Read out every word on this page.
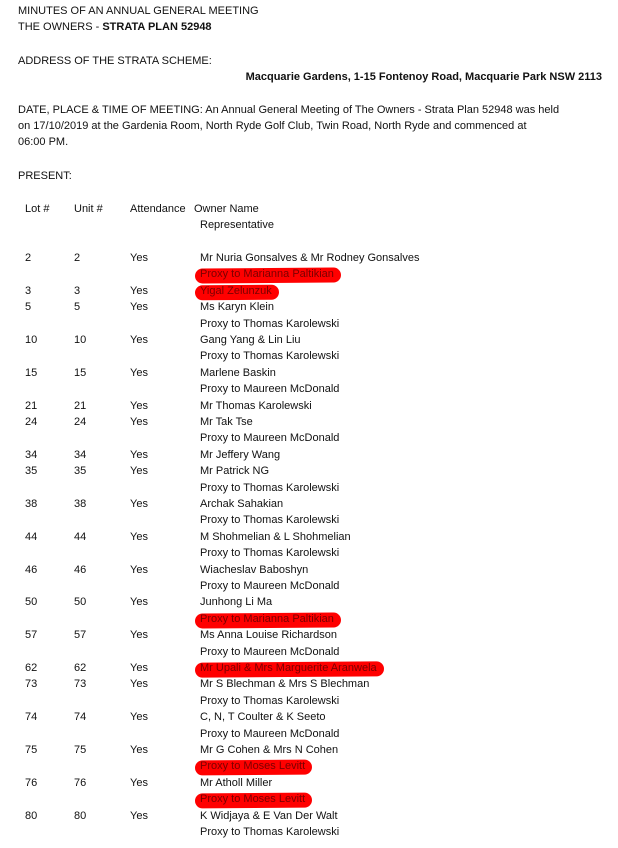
MINUTES OF AN ANNUAL GENERAL MEETING
THE OWNERS - STRATA PLAN 52948
ADDRESS OF THE STRATA SCHEME:
Macquarie Gardens, 1-15 Fontenoy Road, Macquarie Park NSW 2113
DATE, PLACE & TIME OF MEETING: An Annual General Meeting of The Owners - Strata Plan 52948 was held
on 17/10/2019 at the Gardenia Room, North Ryde Golf Club, Twin Road, North Ryde and commenced at
06:00 PM.
PRESENT:
Lot # Unit # Attendance Owner Name
Representative
2	2	Yes	Mr Nuria Gonsalves & Mr Rodney Gonsalves
Proxy to Marianna Paltikian
3	3	Yes	Yigal Zelunzuk
5	5	Yes	Ms Karyn Klein
Proxy to Thomas Karolewski
10	10	Yes	Gang Yang & Lin Liu
Proxy to Thomas Karolewski
15	15	Yes	Marlene Baskin
Proxy to Maureen McDonald
21	21	Yes	Mr Thomas Karolewski
24	24	Yes	Mr Tak Tse
Proxy to Maureen McDonald
34	34	Yes	Mr Jeffery Wang
35	35	Yes	Mr Patrick NG
Proxy to Thomas Karolewski
38	38	Yes	Archak Sahakian
Proxy to Thomas Karolewski
44	44	Yes	M Shohmelian & L Shohmelian
Proxy to Thomas Karolewski
46	46	Yes	Wiacheslav Baboshyn
Proxy to Maureen McDonald
50	50	Yes	Junhong Li Ma
Proxy to Marianna Paltikian
57	57	Yes	Ms Anna Louise Richardson
Proxy to Maureen McDonald
62	62	Yes	Mr Upali & Mrs Marguerite Aranwela
73	73	Yes	Mr S Blechman & Mrs S Blechman
Proxy to Thomas Karolewski
74	74	Yes	C, N, T Coulter & K Seeto
Proxy to Maureen McDonald
75	75	Yes	Mr G Cohen & Mrs N Cohen
Proxy to Moses Levitt
76	76	Yes	Mr Atholl Miller
Proxy to Moses Levitt
80	80	Yes	K Widjaya & E Van Der Walt
Proxy to Thomas Karolewski
